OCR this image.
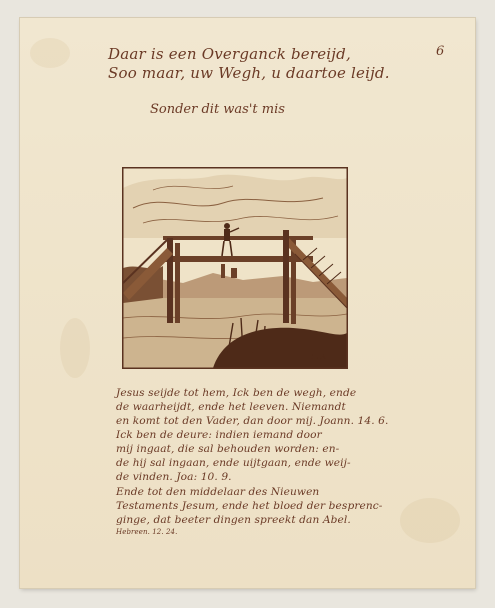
6
Daar is een Overganck bereijd,
Soo maar, uw Wegh, u daartoe leijd.
Sonder dit was't mis
Luyk
Jesus seijde tot hem, Ick ben de wegh, ende
de waarheijdt, ende het leeven. Niemandt
en komt tot den Vader, dan door mij. Joann. 14. 6.
Ick ben de deure: indien iemand door
mij ingaat, die sal behouden worden: en-
de hij sal ingaan, ende uijtgaan, ende weij-
de vinden. Joa: 10. 9.
Ende tot den middelaar des Nieuwen
Testaments Jesum, ende het bloed der besprenc-
ginge, dat beeter dingen spreekt dan Abel.
Hebreen. 12. 24.
